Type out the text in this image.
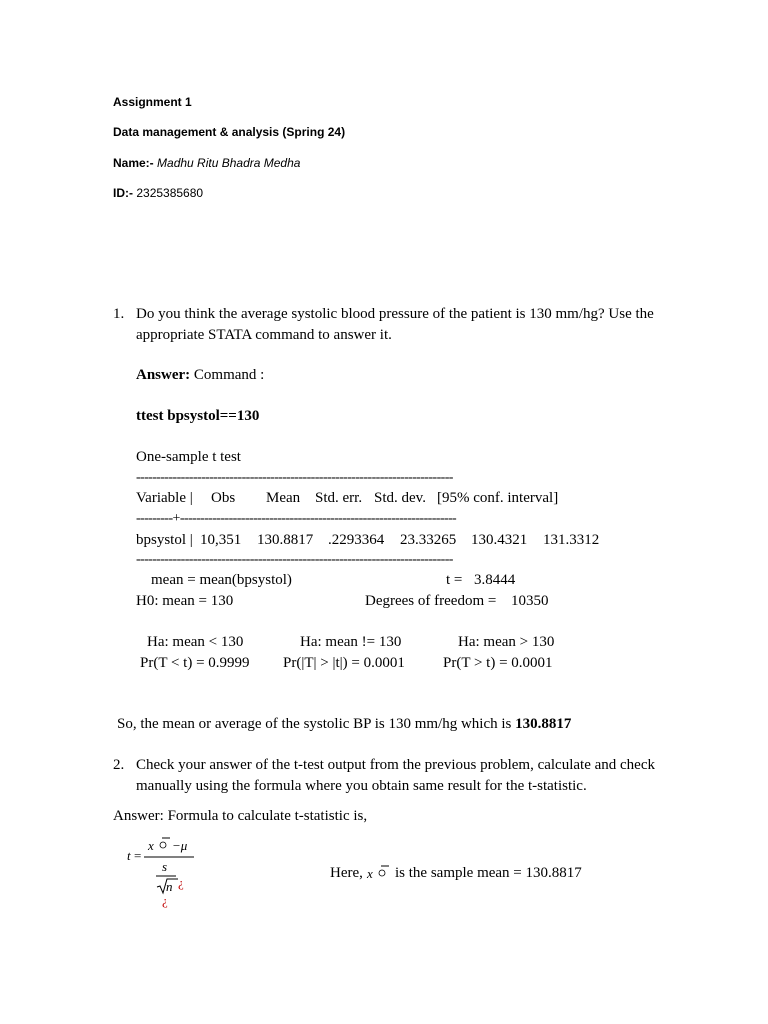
Assignment 1
Data management & analysis (Spring 24)
Name:- Madhu Ritu Bhadra Medha
ID:- 2325385680
1. Do you think the average systolic blood pressure of the patient is 130 mm/hg? Use the appropriate STATA command to answer it.
Answer: Command :
ttest bpsystol==130
One-sample t test
------------------------------------------------------------------------------
Variable | Obs Mean Std. err. Std. dev. [95% conf. interval]
---------+--------------------------------------------------------------------
bpsystol | 10,351 130.8817 .2293364 23.33265 130.4321 131.3312
------------------------------------------------------------------------------
mean = mean(bpsystol)	t = 3.8444
H0: mean = 130	Degrees of freedom = 10350
Ha: mean < 130	Ha: mean != 130	Ha: mean > 130
Pr(T < t) = 0.9999 Pr(|T| > |t|) = 0.0001	Pr(T > t) = 0.0001
So, the mean or average of the systolic BP is 130 mm/hg which is 130.8817
2. Check your answer of the t-test output from the previous problem, calculate and check manually using the formula where you obtain same result for the t-statistic.
Answer: Formula to calculate t-statistic is,
t =
x −μ
s
n ¿
¿
Here, x is the sample mean = 130.8817
